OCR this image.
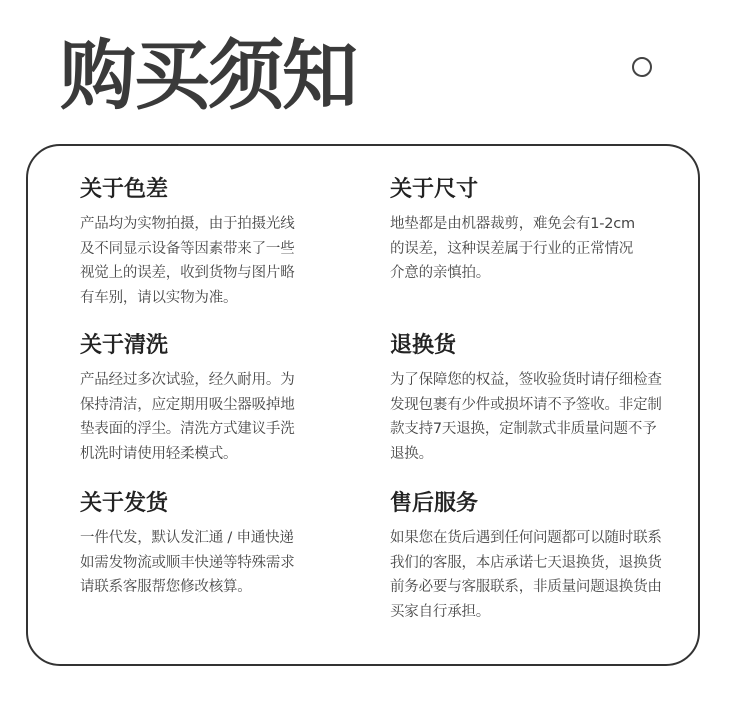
购买须知
关于色差

产品均为实物拍摄，由于拍摄光线
及不同显示设备等因素带来了一些
视觉上的误差，收到货物与图片略
有车别，请以实物为准。

关于尺寸

地垫都是由机器裁剪，难免会有1-2cm
的误差，这种误差属于行业的正常情况
介意的亲慎拍。

关于清洗

产品经过多次试验，经久耐用。为
保持清洁，应定期用吸尘器吸掉地
垫表面的浮尘。清洗方式建议手洗
机洗时请使用轻柔模式。

退换货

为了保障您的权益，签收验货时请仔细检查
发现包裹有少件或损坏请不予签收。非定制
款支持7天退换，定制款式非质量问题不予
退换。

关于发货

一件代发，默认发汇通 / 申通快递
如需发物流或顺丰快递等特殊需求
请联系客服帮您修改核算。

售后服务

如果您在货后遇到任何问题都可以随时联系
我们的客服，本店承诺七天退换货，退换货
前务必要与客服联系，非质量问题退换货由
买家自行承担。
